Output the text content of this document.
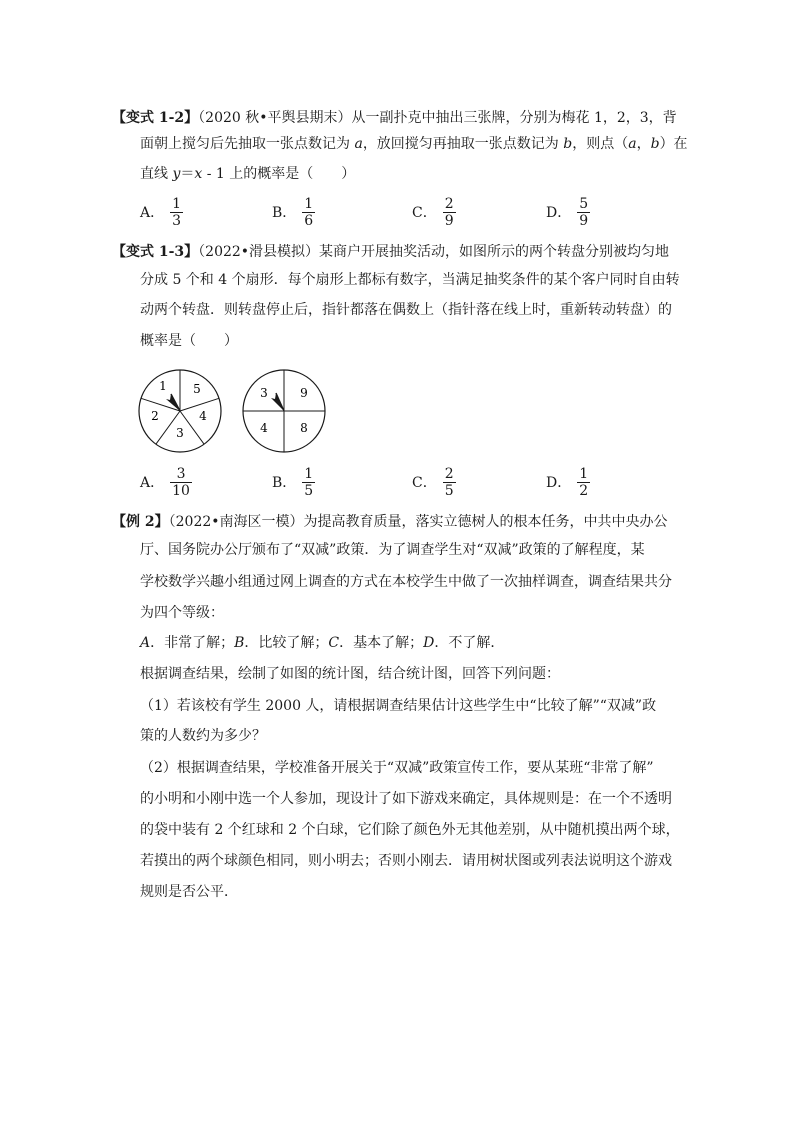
【变式 1-2】（2020 秋•平舆县期末）从一副扑克中抽出三张牌，分别为梅花 1，2，3，背
面朝上搅匀后先抽取一张点数记为 a，放回搅匀再抽取一张点数记为 b，则点（a，b）在
直线 y＝x - 1 上的概率是（　　）
A． $\frac{1}{3}$	B． $\frac{1}{6}$	C． $\frac{2}{9}$	D． $\frac{5}{9}$
【变式 1-3】（2022•滑县模拟）某商户开展抽奖活动，如图所示的两个转盘分别被均匀地
分成 5 个和 4 个扇形．每个扇形上都标有数字，当满足抽奖条件的某个客户同时自由转
动两个转盘．则转盘停止后，指针都落在偶数上（指针落在线上时，重新转动转盘）的
概率是（　　）
1 5
4
3
2
3	9
8
4
A． $\frac{3}{10}$	B． $\frac{1}{5}$	C． $\frac{2}{5}$	D． $\frac{1}{2}$
【例 2】（2022•南海区一模）为提高教育质量，落实立德树人的根本任务，中共中央办公
厅、国务院办公厅颁布了“双减”政策．为了调查学生对“双减”政策的了解程度，某
学校数学兴趣小组通过网上调查的方式在本校学生中做了一次抽样调查，调查结果共分
为四个等级：
A．非常了解；B．比较了解；C．基本了解；D．不了解．
根据调查结果，绘制了如图的统计图，结合统计图，回答下列问题：
（1）若该校有学生 2000 人，请根据调查结果估计这些学生中“比较了解”“双减”政
策的人数约为多少？
（2）根据调查结果，学校准备开展关于“双减”政策宣传工作，要从某班“非常了解”
的小明和小刚中选一个人参加，现设计了如下游戏来确定，具体规则是：在一个不透明
的袋中装有 2 个红球和 2 个白球，它们除了颜色外无其他差别，从中随机摸出两个球，
若摸出的两个球颜色相同，则小明去；否则小刚去．请用树状图或列表法说明这个游戏
规则是否公平．
